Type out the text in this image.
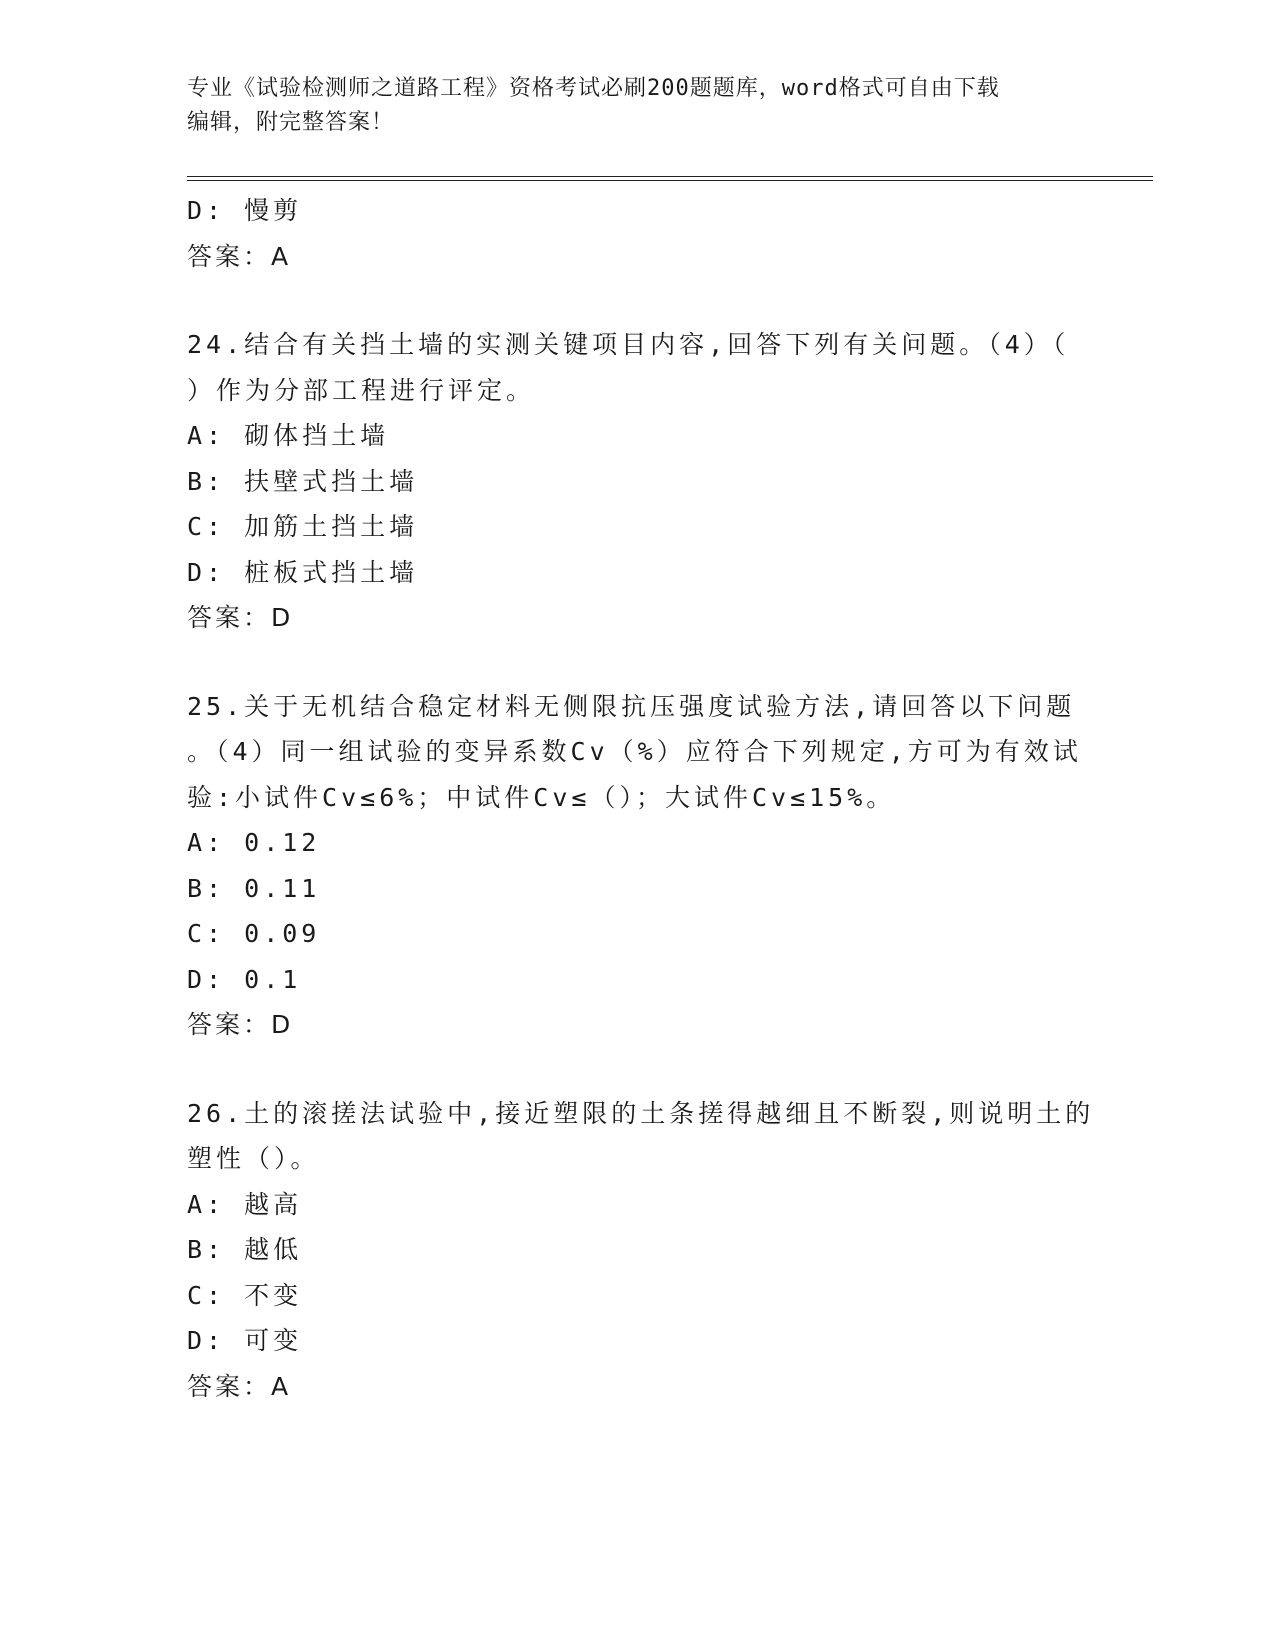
专业《试验检测师之道路工程》资格考试必刷200题题库，word格式可自由下载
编辑，附完整答案！
D: 慢剪
答案：A
24.结合有关挡土墙的实测关键项目内容,回答下列有关问题。（4）（
）作为分部工程进行评定。
A: 砌体挡土墙
B: 扶壁式挡土墙
C: 加筋土挡土墙
D: 桩板式挡土墙
答案：D
25.关于无机结合稳定材料无侧限抗压强度试验方法,请回答以下问题
。（4）同一组试验的变异系数Cv（%）应符合下列规定,方可为有效试
验:小试件Cv≤6%；中试件Cv≤（）；大试件Cv≤15%。
A: 0.12
B: 0.11
C: 0.09
D: 0.1
答案：D
26.土的滚搓法试验中,接近塑限的土条搓得越细且不断裂,则说明土的
塑性（）。
A: 越高
B: 越低
C: 不变
D: 可变
答案：A
